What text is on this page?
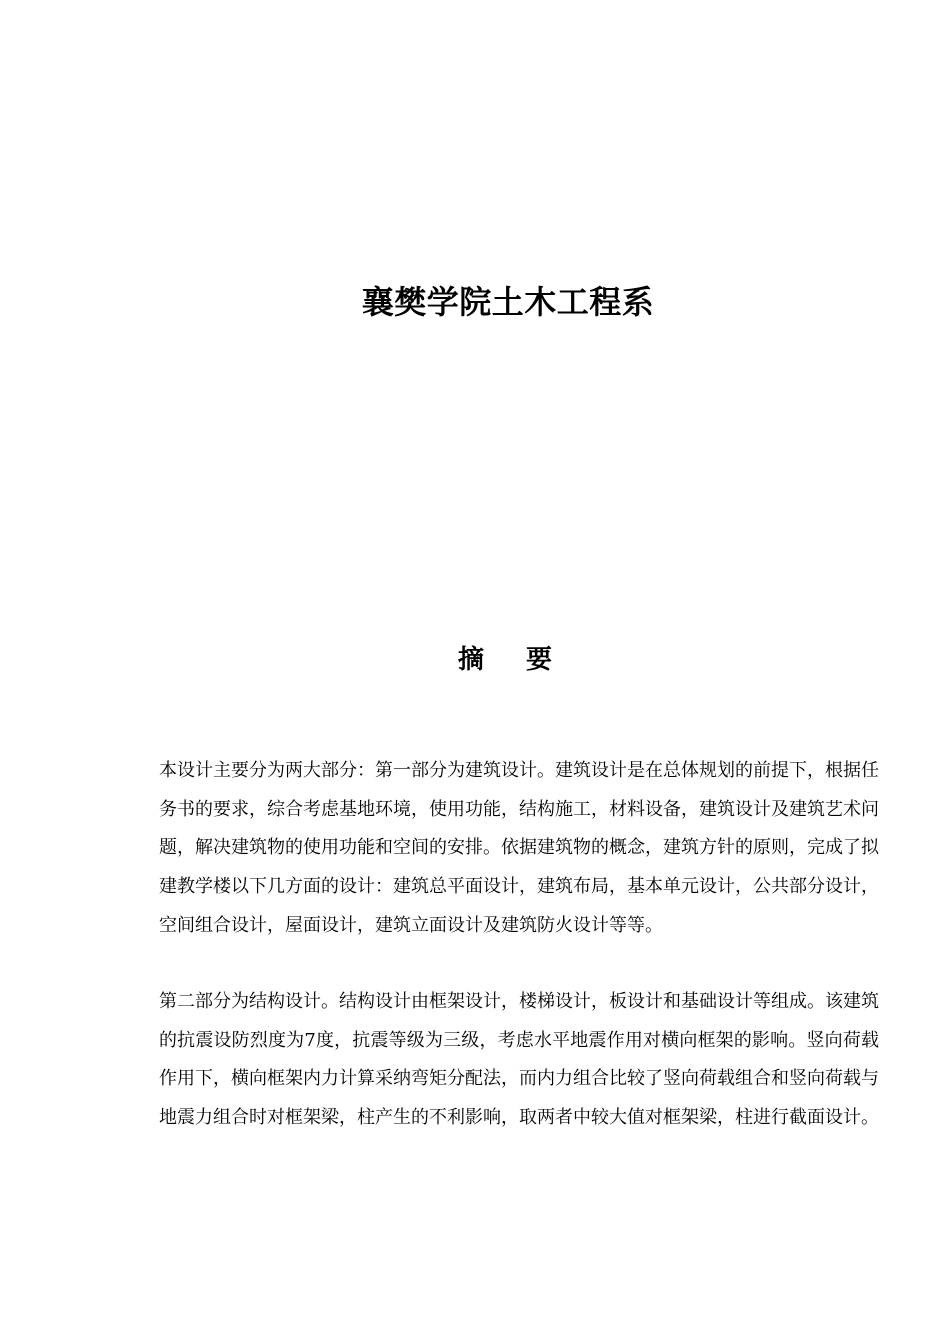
襄樊学院土木工程系
摘 要

本设计主要分为两大部分：第一部分为建筑设计。建筑设计是在总体规划的前提下，根据任务书的要求，综合考虑基地环境，使用功能，结构施工，材料设备，建筑设计及建筑艺术问题，解决建筑物的使用功能和空间的安排。依据建筑物的概念，建筑方针的原则，完成了拟建教学楼以下几方面的设计：建筑总平面设计，建筑布局，基本单元设计，公共部分设计，空间组合设计，屋面设计，建筑立面设计及建筑防火设计等等。

第二部分为结构设计。结构设计由框架设计，楼梯设计，板设计和基础设计等组成。该建筑的抗震设防烈度为7度，抗震等级为三级，考虑水平地震作用对横向框架的影响。竖向荷载作用下，横向框架内力计算采纳弯矩分配法，而内力组合比较了竖向荷载组合和竖向荷载与地震力组合时对框架梁，柱产生的不利影响，取两者中较大值对框架梁，柱进行截面设计。
